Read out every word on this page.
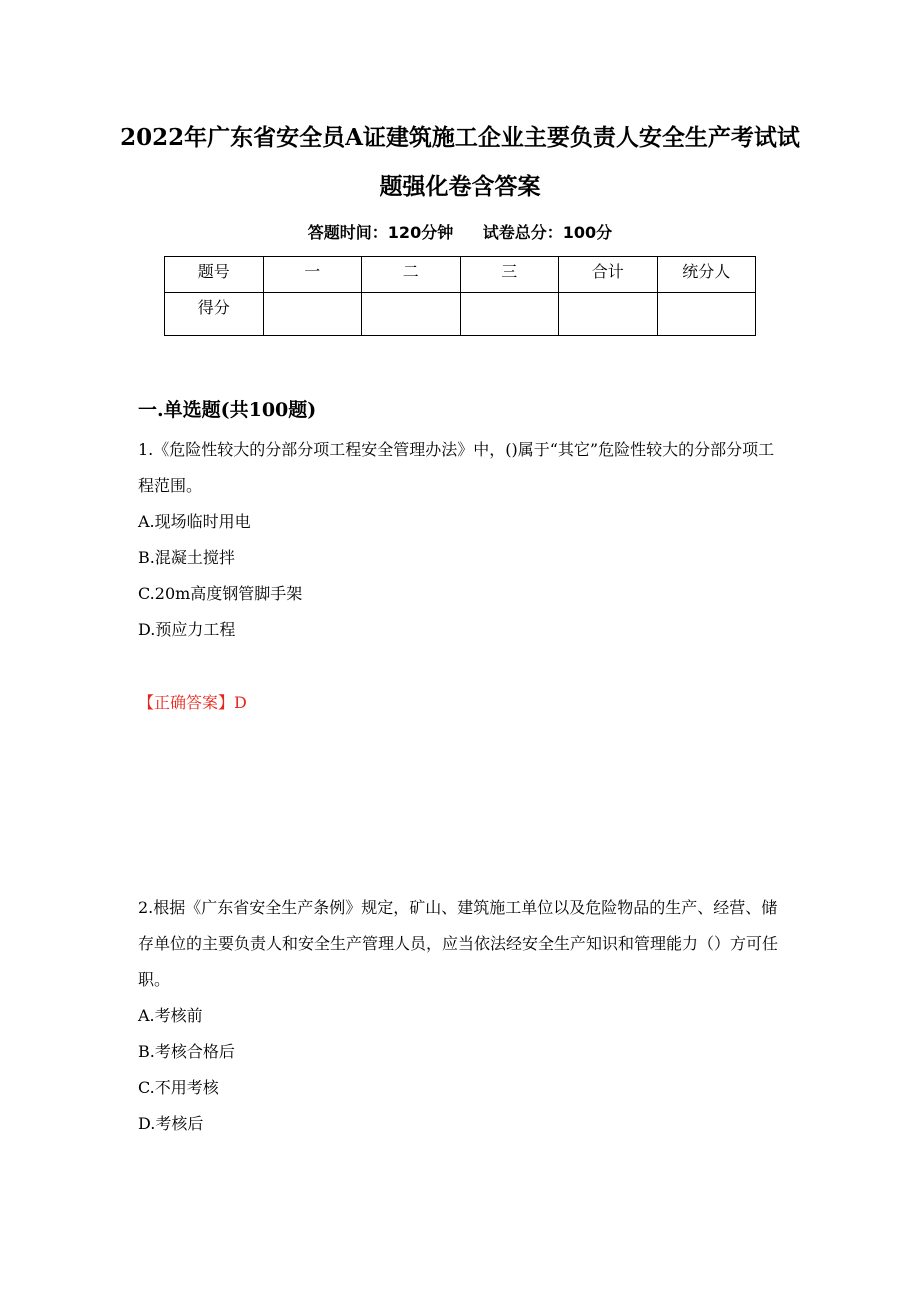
2022年广东省安全员A证建筑施工企业主要负责人安全生产考试试
题强化卷含答案
答题时间：120分钟 试卷总分：100分
题号	一	二	三	合计	统分人
得分					
一.单选题(共100题)

1.《危险性较大的分部分项工程安全管理办法》中，()属于“其它”危险性较大的分部分项工程范围。

A.现场临时用电

B.混凝土搅拌

C.20m高度钢管脚手架

D.预应力工程

【正确答案】D

2.根据《广东省安全生产条例》规定，矿山、建筑施工单位以及危险物品的生产、经营、储存单位的主要负责人和安全生产管理人员，应当依法经安全生产知识和管理能力（）方可任职。

A.考核前

B.考核合格后

C.不用考核

D.考核后
